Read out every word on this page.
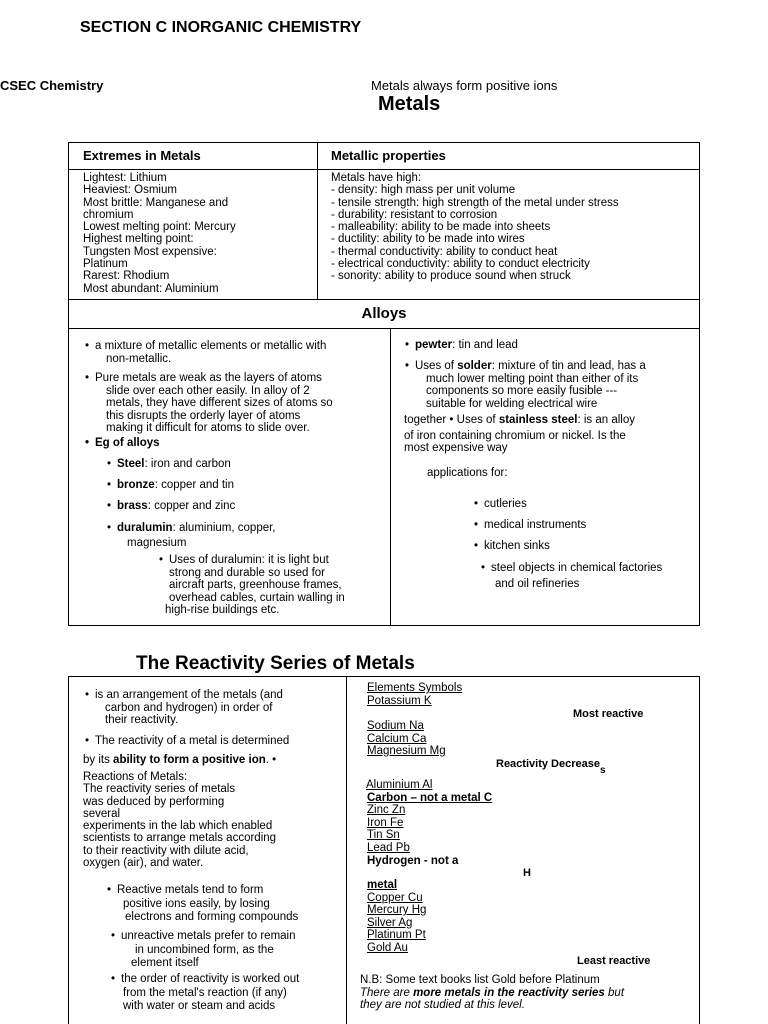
SECTION C INORGANIC CHEMISTRY
CSEC Chemistry	Metals always form positive ions
Metals
Extremes in Metals	Metallic properties
Lightest: Lithium
Heaviest: Osmium
Most brittle: Manganese and
chromium
Lowest melting point: Mercury
Highest melting point:
Tungsten Most expensive:
Platinum
Rarest: Rhodium
Most abundant: Aluminium
Metals have high:
- density: high mass per unit volume
- tensile strength: high strength of the metal under stress
- durability: resistant to corrosion
- malleability: ability to be made into sheets
- ductility: ability to be made into wires
- thermal conductivity: ability to conduct heat
- electrical conductivity: ability to conduct electricity
- sonority: ability to produce sound when struck
Alloys
• a mixture of metallic elements or metallic with
non-metallic.
• Pure metals are weak as the layers of atoms
slide over each other easily. In alloy of 2
metals, they have different sizes of atoms so
this disrupts the orderly layer of atoms
making it difficult for atoms to slide over.
• Eg of alloys
• Steel: iron and carbon
• bronze: copper and tin
• brass: copper and zinc
• duralumin: aluminium, copper,
magnesium
• Uses of duralumin: it is light but
strong and durable so used for
aircraft parts, greenhouse frames,
overhead cables, curtain walling in
high-rise buildings etc.
• pewter: tin and lead
• Uses of solder: mixture of tin and lead, has a
much lower melting point than either of its
components so more easily fusible ---
suitable for welding electrical wire
together • Uses of stainless steel: is an alloy
of iron containing chromium or nickel. Is the
most expensive way
applications for:
• cutleries
• medical instruments
• kitchen sinks
• steel objects in chemical factories
and oil refineries
The Reactivity Series of Metals
• is an arrangement of the metals (and
carbon and hydrogen) in order of
their reactivity.
• The reactivity of a metal is determined
by its ability to form a positive ion. •
Reactions of Metals:
The reactivity series of metals
was deduced by performing
several
experiments in the lab which enabled
scientists to arrange metals according
to their reactivity with dilute acid,
oxygen (air), and water.
• Reactive metals tend to form
positive ions easily, by losing
electrons and forming compounds
• unreactive metals prefer to remain
in uncombined form, as the
element itself
• the order of reactivity is worked out
from the metal's reaction (if any)
with water or steam and acids
Elements Symbols
Potassium K
Sodium Na
Calcium Ca
Magnesium Mg
Aluminium Al
Carbon – not a metal C
Zinc Zn
Iron Fe
Tin Sn
Lead Pb
Hydrogen - not a
metal
Copper Cu
Mercury Hg
Silver Ag
Platinum Pt
Gold Au
Most reactive
Reactivity Decreases
H
Least reactive
N.B: Some text books list Gold before Platinum
There are more metals in the reactivity series but
they are not studied at this level.
